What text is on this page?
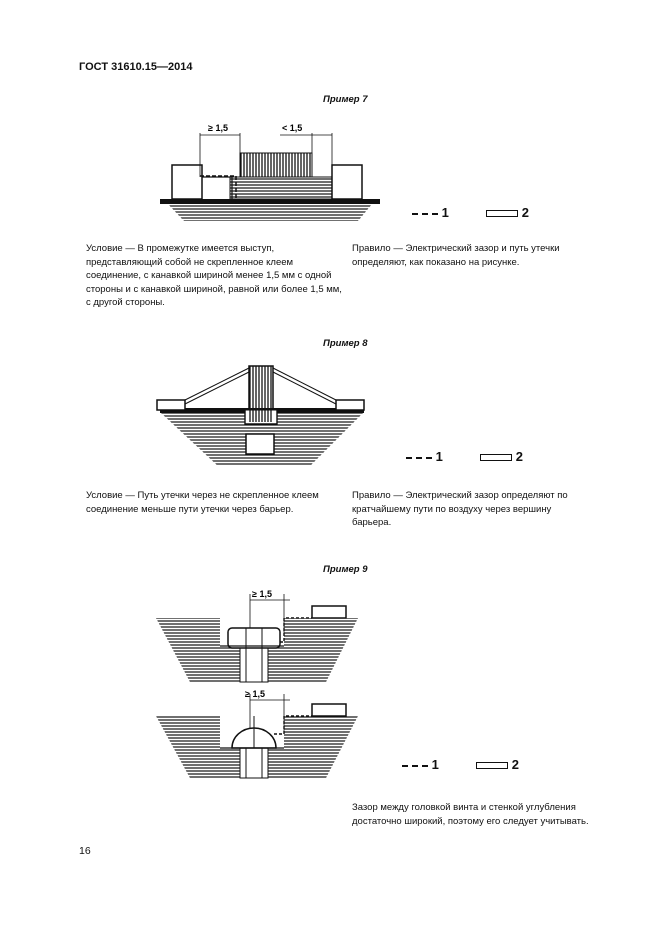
ГОСТ 31610.15—2014
Пример 7
≥ 1,5	< 1,5
1	2
Условие — В промежутке имеется выступ, представляющий собой не скрепленное клеем соединение, с канавкой шириной менее 1,5 мм с одной стороны и с канавкой шириной, равной или более 1,5 мм, с другой стороны.
Правило — Электрический зазор и путь утечки определяют, как показано на рисунке.
Пример 8
1	2
Условие — Путь утечки через не скрепленное клеем соединение меньше пути утечки через барьер.
Правило — Электрический зазор определяют по кратчайшему пути по воздуху через вершину барьера.
Пример 9
≥ 1,5
≥ 1,5
1	2
Зазор между головкой винта и стенкой углубления достаточно широкий, поэтому его следует учитывать.
16
